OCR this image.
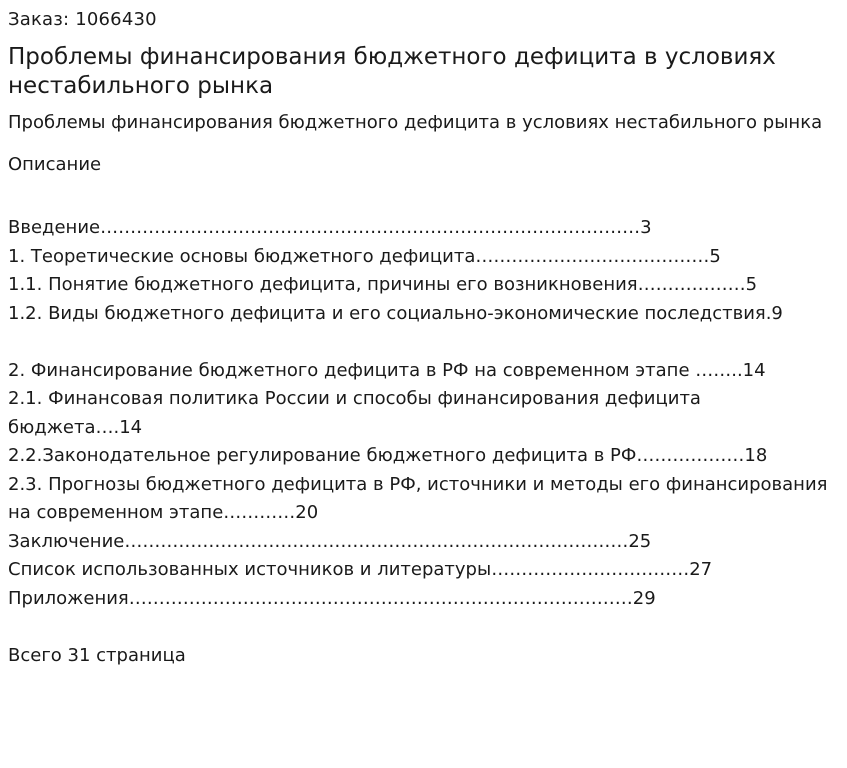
Заказ: 1066430

Проблемы финансирования бюджетного дефицита в условиях нестабильного рынка

Проблемы финансирования бюджетного дефицита в условиях нестабильного рынка

Описание

Введение………………………………………………………………………………3
1. Теоретические основы бюджетного дефицита…………………………………5
1.1. Понятие бюджетного дефицита, причины его возникновения………………5
1.2. Виды бюджетного дефицита и его социально-экономические последствия.9
2. Финансирование бюджетного дефицита в РФ на современном этапе ……..14
2.1. Финансовая политика России и способы финансирования дефицита бюджета….14
2.2.Законодательное регулирование бюджетного дефицита в РФ………………18
2.3. Прогнозы бюджетного дефицита в РФ, источники и методы его финансирования на современном этапе…………20
Заключение…………………………………………………………………………25
Список использованных источников и литературы……………………………27
Приложения…………………………………………………………………………29

Всего 31 страница
